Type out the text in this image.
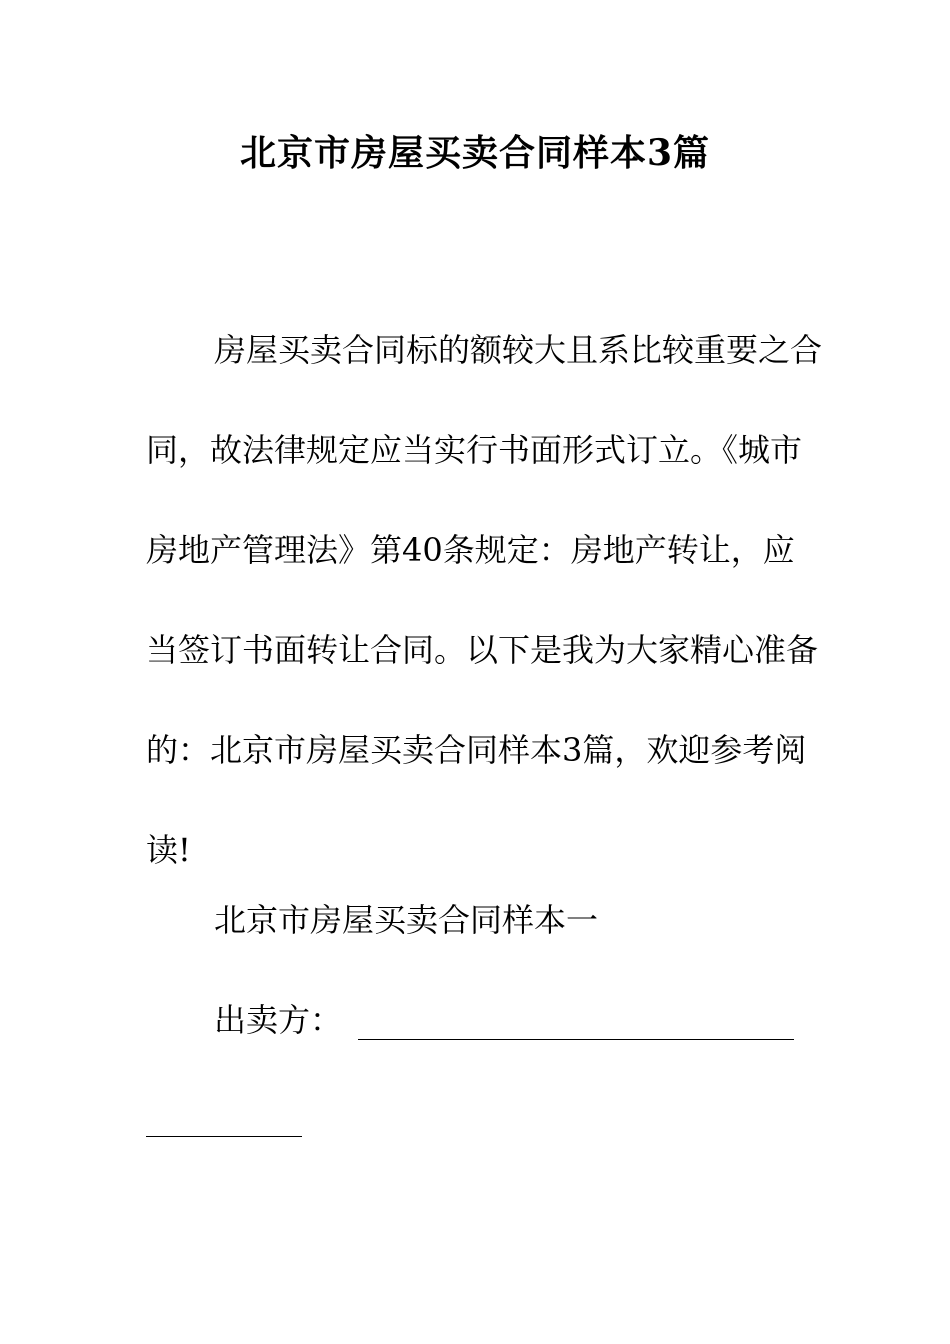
北京市房屋买卖合同样本3篇

房屋买卖合同标的额较大且系比较重要之合同，故法律规定应当实行书面形式订立。《城市房地产管理法》第40条规定：房地产转让，应当签订书面转让合同。以下是我为大家精心准备的：北京市房屋买卖合同样本3篇，欢迎参考阅读!

北京市房屋买卖合同样本一

出卖方：
